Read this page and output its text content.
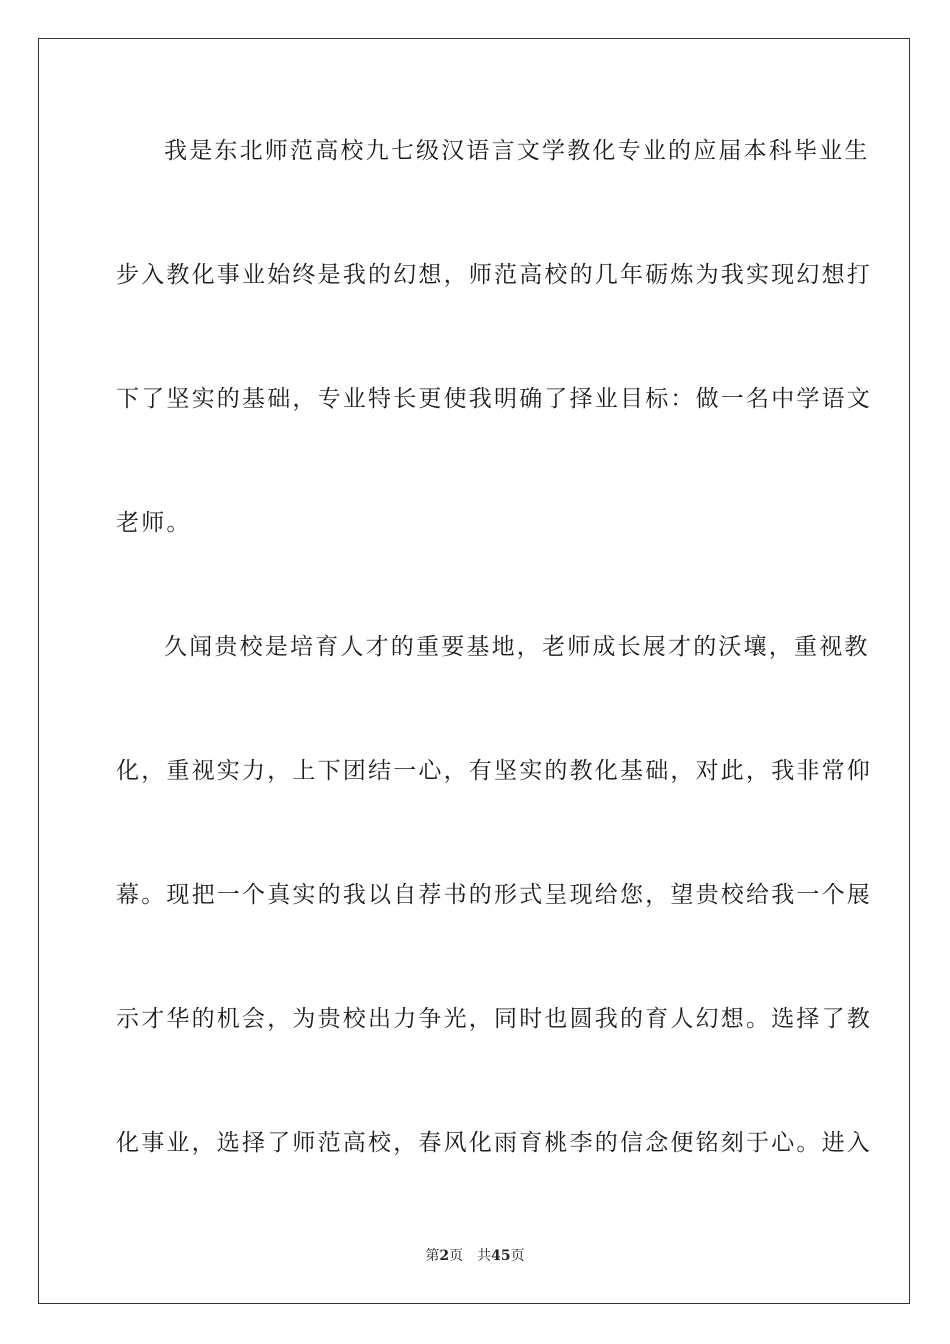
我是东北师范高校九七级汉语言文学教化专业的应届本科毕业生
步入教化事业始终是我的幻想，师范高校的几年砺炼为我实现幻想打
下了坚实的基础，专业特长更使我明确了择业目标：做一名中学语文
老师。
久闻贵校是培育人才的重要基地，老师成长展才的沃壤，重视教
化，重视实力，上下团结一心，有坚实的教化基础，对此，我非常仰
幕。现把一个真实的我以自荐书的形式呈现给您，望贵校给我一个展
示才华的机会，为贵校出力争光，同时也圆我的育人幻想。选择了教
化事业，选择了师范高校，春风化雨育桃李的信念便铭刻于心。进入
第2页 共45页
